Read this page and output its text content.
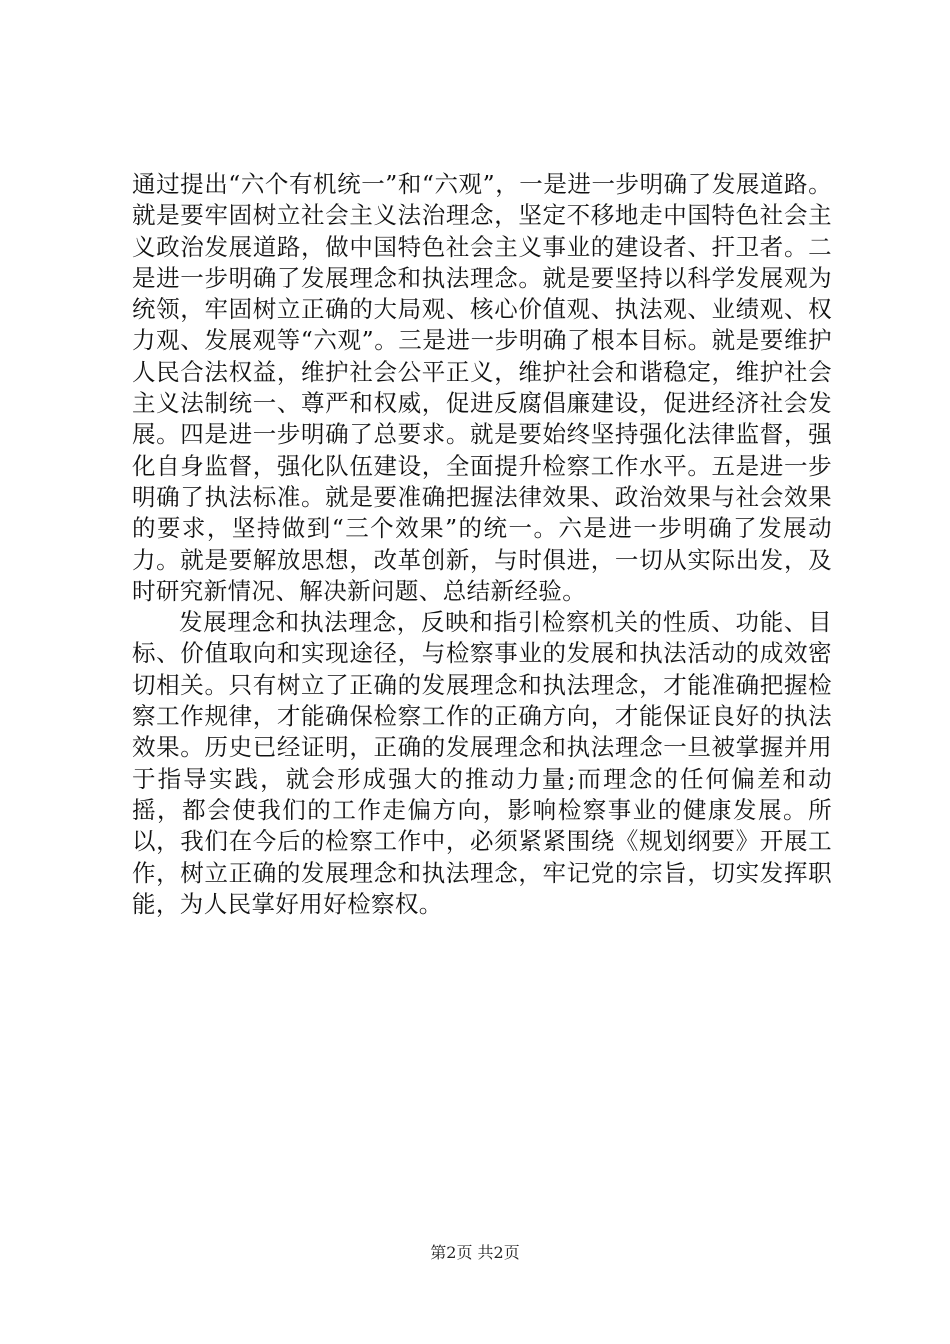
通过提出“六个有机统一”和“六观”，一是进一步明确了发展道路。就是要牢固树立社会主义法治理念，坚定不移地走中国特色社会主义政治发展道路，做中国特色社会主义事业的建设者、扞卫者。二是进一步明确了发展理念和执法理念。就是要坚持以科学发展观为统领，牢固树立正确的大局观、核心价值观、执法观、业绩观、权力观、发展观等“六观”。三是进一步明确了根本目标。就是要维护人民合法权益，维护社会公平正义，维护社会和谐稳定，维护社会主义法制统一、尊严和权威，促进反腐倡廉建设，促进经济社会发展。四是进一步明确了总要求。就是要始终坚持强化法律监督，强化自身监督，强化队伍建设，全面提升检察工作水平。五是进一步明确了执法标准。就是要准确把握法律效果、政治效果与社会效果的要求，坚持做到“三个效果”的统一。六是进一步明确了发展动力。就是要解放思想，改革创新，与时俱进，一切从实际出发，及时研究新情况、解决新问题、总结新经验。

发展理念和执法理念，反映和指引检察机关的性质、功能、目标、价值取向和实现途径，与检察事业的发展和执法活动的成效密切相关。只有树立了正确的发展理念和执法理念，才能准确把握检察工作规律，才能确保检察工作的正确方向，才能保证良好的执法效果。历史已经证明，正确的发展理念和执法理念一旦被掌握并用于指导实践，就会形成强大的推动力量;而理念的任何偏差和动摇，都会使我们的工作走偏方向，影响检察事业的健康发展。所以，我们在今后的检察工作中，必须紧紧围绕《规划纲要》开展工作，树立正确的发展理念和执法理念，牢记党的宗旨，切实发挥职能，为人民掌好用好检察权。

第2页 共2页
